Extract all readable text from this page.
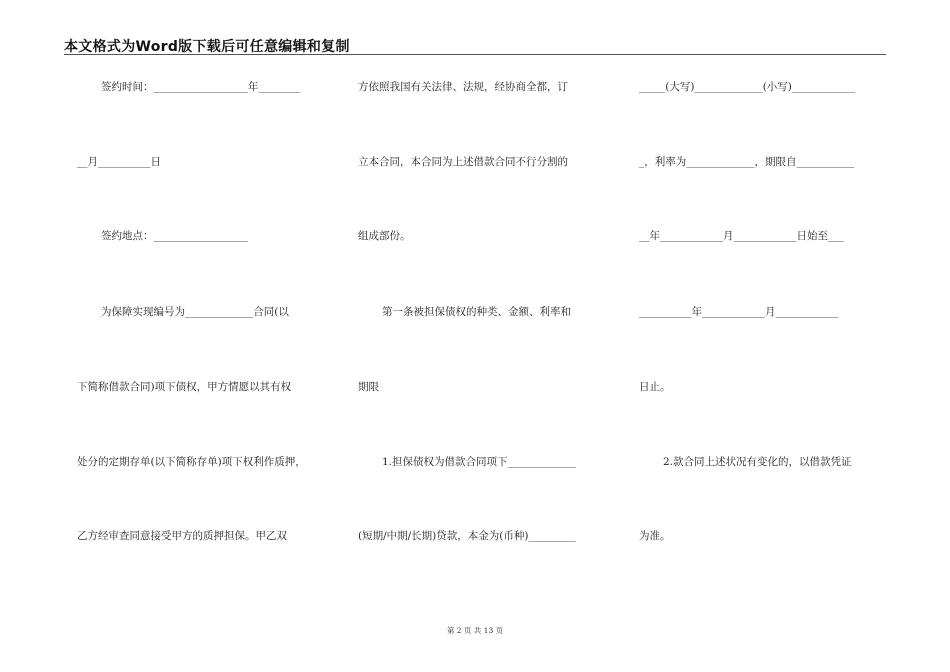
本文格式为Word版下载后可任意编辑和复制
签约时间：__________________年________
__月__________日
签约地点：__________________
为保障实现编号为_____________合同(以
下简称借款合同)项下债权，甲方情愿以其有权
处分的定期存单(以下简称存单)项下权利作质押，
乙方经审查同意接受甲方的质押担保。甲乙双
方依照我国有关法律、法规，经协商全都，订
立本合同，本合同为上述借款合同不行分割的
组成部份。
第一条被担保债权的种类、金额、利率和
期限
1.担保债权为借款合同项下_____________
(短期/中期/长期)贷款，本金为(币种)_________
_____(大写)_____________(小写)____________
_，利率为_____________，期限自___________
__年____________月____________日始至___
__________年____________月____________
日止。
2.款合同上述状况有变化的，以借款凭证
为准。
第 2 页 共 13 页
